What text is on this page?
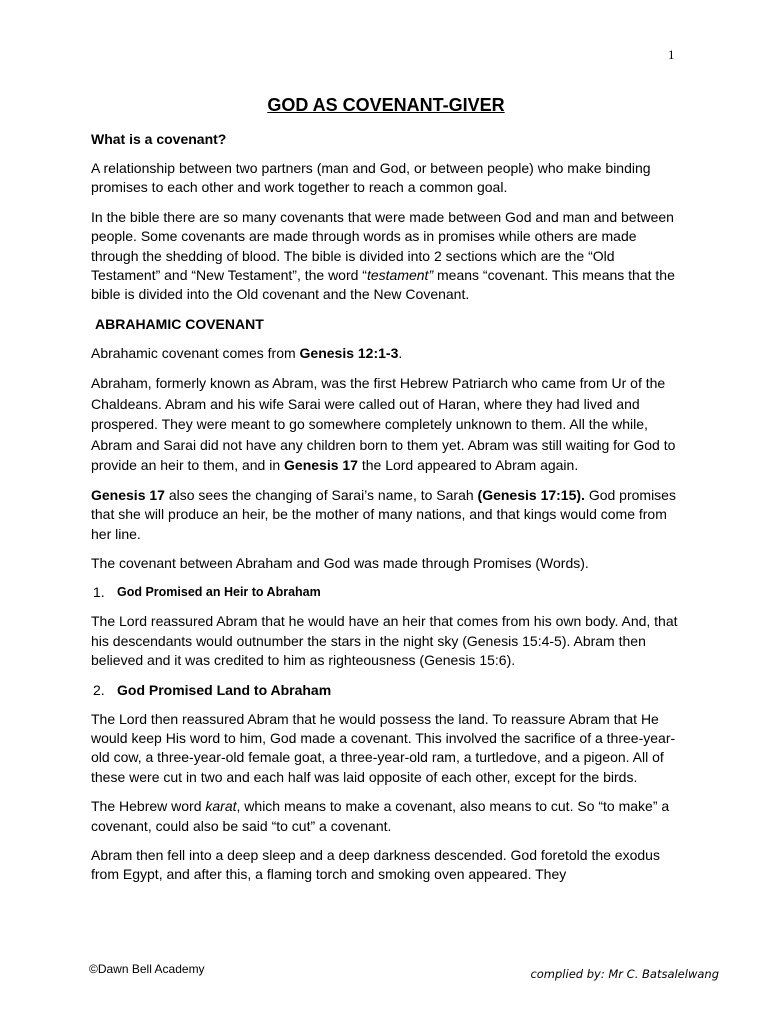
1
GOD AS COVENANT-GIVER
What is a covenant?

A relationship between two partners (man and God, or between people) who make binding promises to each other and work together to reach a common goal.

In the bible there are so many covenants that were made between God and man and between people. Some covenants are made through words as in promises while others are made through the shedding of blood. The bible is divided into 2 sections which are the “Old Testament” and “New Testament”, the word “testament” means “covenant. This means that the bible is divided into the Old covenant and the New Covenant.

ABRAHAMIC COVENANT

Abrahamic covenant comes from Genesis 12:1-3.

Abraham, formerly known as Abram, was the first Hebrew Patriarch who came from Ur of the Chaldeans. Abram and his wife Sarai were called out of Haran, where they had lived and prospered. They were meant to go somewhere completely unknown to them. All the while, Abram and Sarai did not have any children born to them yet. Abram was still waiting for God to provide an heir to them, and in Genesis 17 the Lord appeared to Abram again.

Genesis 17 also sees the changing of Sarai’s name, to Sarah (Genesis 17:15). God promises that she will produce an heir, be the mother of many nations, and that kings would come from her line.

The covenant between Abraham and God was made through Promises (Words).

1. God Promised an Heir to Abraham

The Lord reassured Abram that he would have an heir that comes from his own body. And, that his descendants would outnumber the stars in the night sky (Genesis 15:4-5). Abram then believed and it was credited to him as righteousness (Genesis 15:6).

2. God Promised Land to Abraham

The Lord then reassured Abram that he would possess the land. To reassure Abram that He would keep His word to him, God made a covenant. This involved the sacrifice of a three-year-old cow, a three-year-old female goat, a three-year-old ram, a turtledove, and a pigeon. All of these were cut in two and each half was laid opposite of each other, except for the birds.

The Hebrew word karat, which means to make a covenant, also means to cut. So “to make” a covenant, could also be said “to cut” a covenant.

Abram then fell into a deep sleep and a deep darkness descended. God foretold the exodus from Egypt, and after this, a flaming torch and smoking oven appeared. They

©Dawn Bell Academy	complied by: Mr C. Batsalelwang
